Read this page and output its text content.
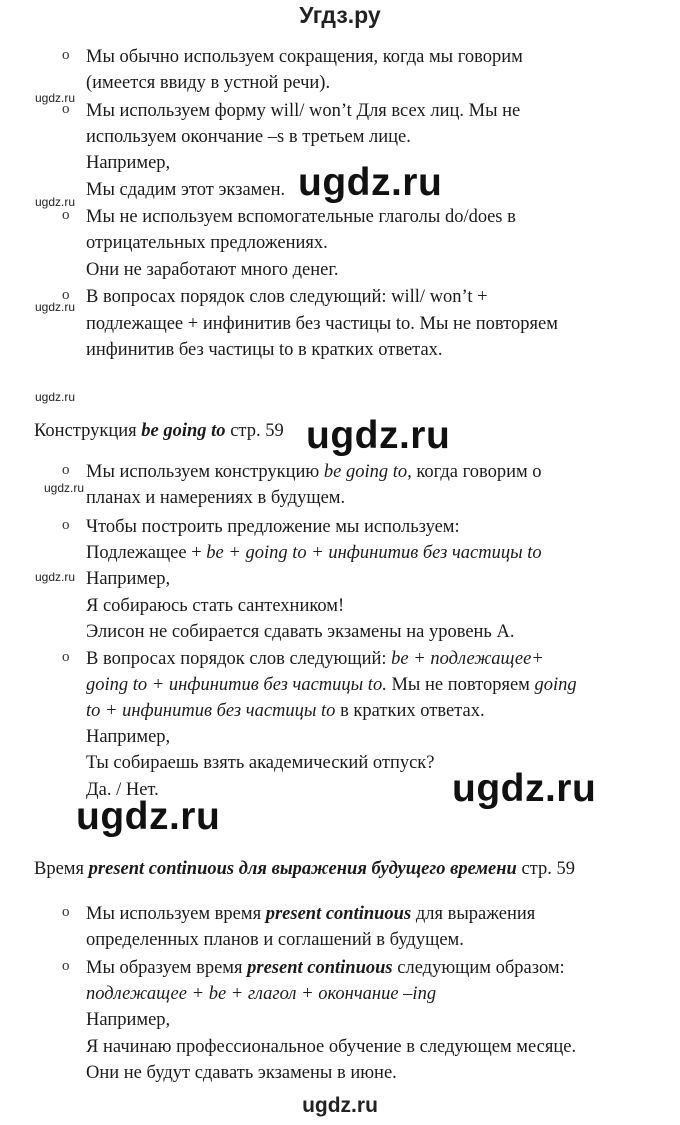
Угдз.ру
o Мы обычно используем сокращения, когда мы говорим
(имеется ввиду в устной речи).
ugdz.ru
o Мы используем форму will/ won’t Для всех лиц. Мы не
используем окончание –s в третьем лице.
Например,
Мы сдадим этот экзамен. ugdz.ru
ugdz.ru
o Мы не используем вспомогательные глаголы do/does в
отрицательных предложениях.
Они не заработают много денег.
ugdz.ru
o В вопросах порядок слов следующий: will/ won’t +
подлежащее + инфинитив без частицы to. Мы не повторяем
инфинитив без частицы to в кратких ответах.
ugdz.ru
Конструкция be going to стр. 59 ugdz.ru
ugdz.ru
o Мы используем конструкцию be going to, когда говорим о
планах и намерениях в будущем.
o Чтобы построить предложение мы используем:
Подлежащее + be + going to + инфинитив без частицы to
ugdz.ru Например,
Я собираюсь стать сантехником!
Элисон не собирается сдавать экзамены на уровень А.
o В вопросах порядок слов следующий: be + подлежащее+
going to + инфинитив без частицы to. Мы не повторяем going
to + инфинитив без частицы to в кратких ответах.
Например,
Ты собираешь взять академический отпуск?
Да. / Нет.	ugdz.ru
ugdz.ru
Время present continuous для выражения будущего времени стр. 59
o Мы используем время present continuous для выражения
определенных планов и соглашений в будущем.
o Мы образуем время present continuous следующим образом:
подлежащее + be + глагол + окончание –ing
Например,
Я начинаю профессиональное обучение в следующем месяце.
Они не будут сдавать экзамены в июне.
ugdz.ru
